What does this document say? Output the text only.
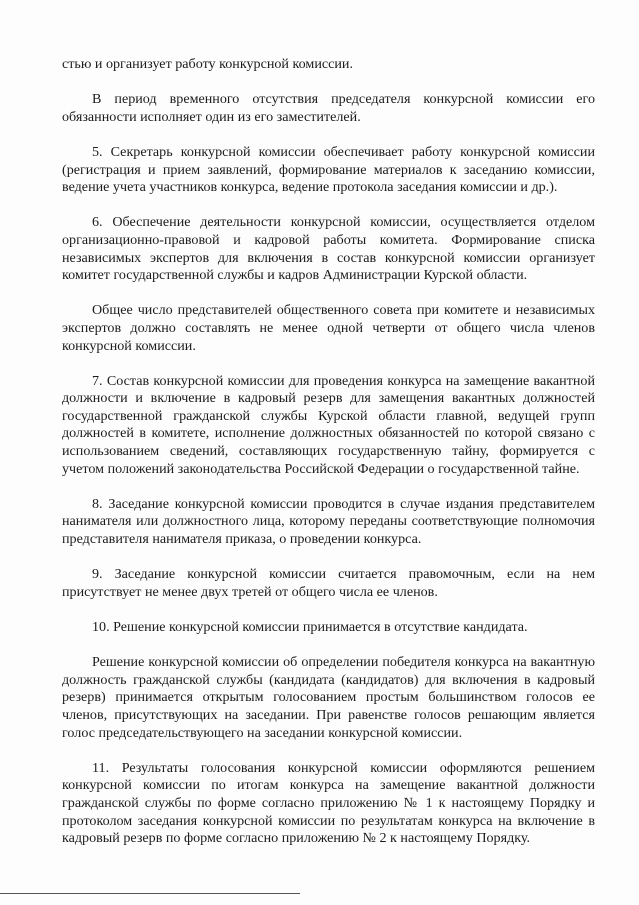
стью и организует работу конкурсной комиссии.

В период временного отсутствия председателя конкурсной комиссии его обязанности исполняет один из его заместителей.

5. Секретарь конкурсной комиссии обеспечивает работу конкурсной комиссии (регистрация и прием заявлений, формирование материалов к заседанию комиссии, ведение учета участников конкурса, ведение протокола заседания комиссии и др.).

6. Обеспечение деятельности конкурсной комиссии, осуществляется отделом организационно-правовой и кадровой работы комитета. Формирование списка независимых экспертов для включения в состав конкурсной комиссии организует комитет государственной службы и кадров Администрации Курской области.

Общее число представителей общественного совета при комитете и независимых экспертов должно составлять не менее одной четверти от общего числа членов конкурсной комиссии.

7. Состав конкурсной комиссии для проведения конкурса на замещение вакантной должности и включение в кадровый резерв для замещения вакантных должностей государственной гражданской службы Курской области главной, ведущей групп должностей в комитете, исполнение должностных обязанностей по которой связано с использованием сведений, составляющих государственную тайну, формируется с учетом положений законодательства Российской Федерации о государственной тайне.

8. Заседание конкурсной комиссии проводится в случае издания представителем нанимателя или должностного лица, которому переданы соответствующие полномочия представителя нанимателя приказа, о проведении конкурса.

9. Заседание конкурсной комиссии считается правомочным, если на нем присутствует не менее двух третей от общего числа ее членов.

10. Решение конкурсной комиссии принимается в отсутствие кандидата.

Решение конкурсной комиссии об определении победителя конкурса на вакантную должность гражданской службы (кандидата (кандидатов) для включения в кадровый резерв) принимается открытым голосованием простым большинством голосов ее членов, присутствующих на заседании. При равенстве голосов решающим является голос председательствующего на заседании конкурсной комиссии.

11. Результаты голосования конкурсной комиссии оформляются решением конкурсной комиссии по итогам конкурса на замещение вакантной должности гражданской службы по форме согласно приложению № 1 к настоящему Порядку и протоколом заседания конкурсной комиссии по результатам конкурса на включение в кадровый резерв по форме согласно приложению № 2 к настоящему Порядку.
